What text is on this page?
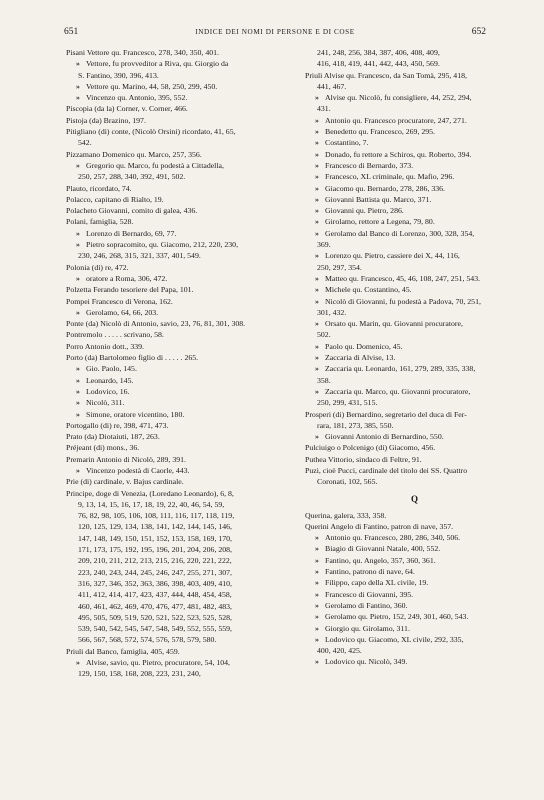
651	INDICE DEI NOMI DI PERSONE E DI COSE	652
Pisani Vettore qu. Francesco, 278, 340, 350, 401.
» Vettore, fu provveditor a Riva, qu. Giorgio da
S. Fantino, 390, 396, 413.
» Vettore qu. Marino, 44, 58, 250, 299, 450.
» Vincenzo qu. Antonio, 395, 552.
Piscopia (da la) Corner, v. Corner, 466.
Pistoja (da) Brazino, 197.
Pitigliano (di) conte, (Nicolò Orsini) ricordato, 41, 65,
542.
Pizzamano Domenico qu. Marco, 257, 356.
» Gregorio qu. Marco, fu podestà a Cittadella,
250, 257, 288, 340, 392, 491, 502.
Plauto, ricordato, 74.
Polacco, capitano di Rialto, 19.
Polacheto Giovanni, comito di galea, 436.
Polani, famiglia, 528.
» Lorenzo di Bernardo, 69, 77.
» Pietro sopracomito, qu. Giacomo, 212, 220, 230,
230, 246, 268, 315, 321, 337, 401, 549.
Polonia (di) re, 472.
» oratore a Roma, 306, 472.
Polzetta Ferando tesoriere del Papa, 101.
Pompei Francesco di Verona, 162.
» Gerolamo, 64, 66, 203.
Ponte (da) Nicolò di Antonio, savio, 23, 76, 81, 301, 308.
Pontremolo . . . . . scrivano, 58.
Porro Antonio dott., 339.
Porto (da) Bartolomeo figlio di . . . . . 265.
» Gio. Paolo, 145.
» Leonardo, 145.
» Lodovico, 16.
» Nicolò, 311.
» Simone, oratore vicentino, 180.
Portogallo (di) re, 398, 471, 473.
Prato (da) Diotaiuti, 187, 263.
Préjeant (di) mons., 36.
Premarin Antonio di Nicolò, 289, 391.
» Vincenzo podestà di Caorle, 443.
Prie (di) cardinale, v. Bajus cardinale.
Principe, doge di Venezia, (Loredano Leonardo), 6, 8,
9, 13, 14, 15, 16, 17, 18, 19, 22, 40, 46, 54, 59,
76, 82, 98, 105, 106, 108, 111, 116, 117, 118, 119,
120, 125, 129, 134, 138, 141, 142, 144, 145, 146,
147, 148, 149, 150, 151, 152, 153, 158, 169, 170,
171, 173, 175, 192, 195, 196, 201, 204, 206, 208,
209, 210, 211, 212, 213, 215, 216, 220, 221, 222,
223, 240, 243, 244, 245, 246, 247, 255, 271, 307,
316, 327, 346, 352, 363, 386, 398, 403, 409, 410,
411, 412, 414, 417, 423, 437, 444, 448, 454, 458,
460, 461, 462, 469, 470, 476, 477, 481, 482, 483,
495, 505, 509, 519, 520, 521, 522, 523, 525, 528,
539, 540, 542, 545, 547, 548, 549, 552, 555, 559,
566, 567, 568, 572, 574, 576, 578, 579, 580.
Priuli dal Banco, famiglia, 405, 459.
» Alvise, savio, qu. Pietro, procuratore, 54, 104,
129, 150, 158, 168, 208, 223, 231, 240,
241, 248, 256, 384, 387, 406, 408, 409,
416, 418, 419, 441, 442, 443, 450, 569.
Priuli Alvise qu. Francesco, da San Tomà, 295, 418,
441, 467.
» Alvise qu. Nicolò, fu consigliere, 44, 252, 294,
431.
» Antonio qu. Francesco procuratore, 247, 271.
» Benedetto qu. Francesco, 269, 295.
» Costantino, 7.
» Donado, fu rettore a Schiros, qu. Roberto, 394.
» Francesco di Bernardo, 373.
» Francesco, XL criminale, qu. Mafio, 296.
» Giacomo qu. Bernardo, 278, 286, 336.
» Giovanni Battista qu. Marco, 371.
» Giovanni qu. Pietro, 286.
» Girolamo, rettore a Legena, 79, 80.
» Gerolamo dal Banco di Lorenzo, 300, 328, 354,
369.
» Lorenzo qu. Pietro, cassiere dei X, 44, 116,
250, 297, 354.
» Matteo qu. Francesco, 45, 46, 108, 247, 251, 543.
» Michele qu. Costantino, 45.
» Nicolò di Giovanni, fu podestà a Padova, 70, 251,
301, 432.
» Orsato qu. Marin, qu. Giovanni procuratore,
502.
» Paolo qu. Domenico, 45.
» Zaccaria di Alvise, 13.
» Zaccaria qu. Leonardo, 161, 279, 289, 335, 338,
358.
» Zaccaria qu. Marco, qu. Giovanni procuratore,
250, 299, 431, 515.
Prosperi (di) Bernardino, segretario del duca di Fer-
rara, 181, 273, 385, 550.
» Giovanni Antonio di Bernardino, 550.
Pulciuigo o Polcenigo (di) Giacomo, 456.
Puthea Vittorio, sindaco di Feltre, 91.
Puzi, cioè Pucci, cardinale del titolo dei SS. Quattro
Coronati, 102, 565.
Q
Querina, galera, 333, 358.
Querini Angelo di Fantino, patron di nave, 357.
» Antonio qu. Francesco, 280, 286, 340, 506.
» Biagio di Giovanni Natale, 400, 552.
» Fantino, qu. Angelo, 357, 360, 361.
» Fantino, patrono di nave, 64.
» Filippo, capo della XL civile, 19.
» Francesco di Giovanni, 395.
» Gerolamo di Fantino, 360.
» Gerolamo qu. Pietro, 152, 249, 301, 460, 543.
» Giorgio qu. Girolamo, 311.
» Lodovico qu. Giacomo, XL civile, 292, 335,
400, 420, 425.
» Lodovico qu. Nicolò, 349.
